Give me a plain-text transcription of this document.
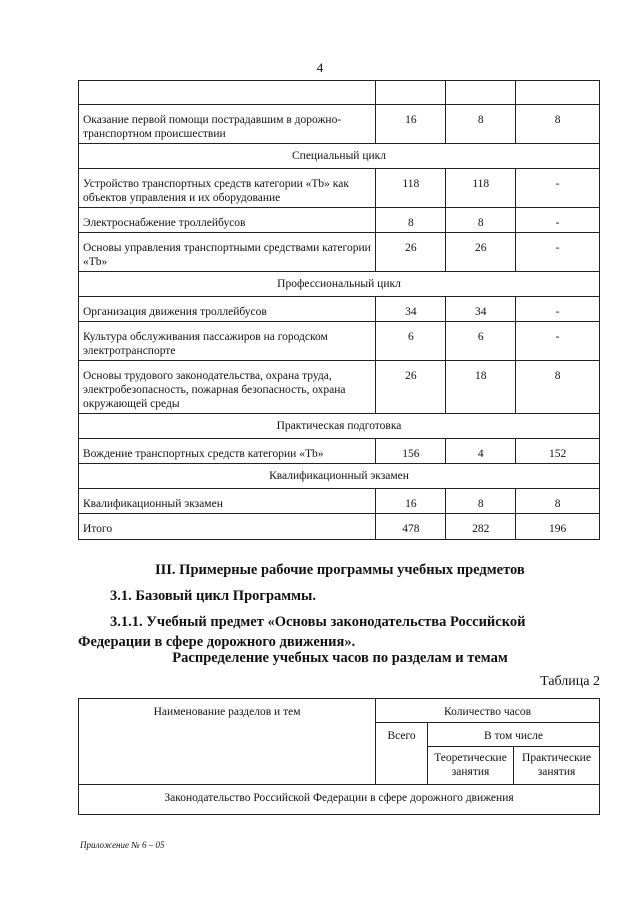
4

Оказание первой помощи пострадавшим в дорожно-транспортном происшествии	16	8	8
Специальный цикл			
Устройство транспортных средств категории «Tb» как объектов управления и их оборудование	118	118	-
Электроснабжение троллейбусов	8	8	-
Основы управления транспортными средствами категории «Tb»	26	26	-
Профессиональный цикл			
Организация движения троллейбусов	34	34	-
Культура обслуживания пассажиров на городском электротранспорте	6	6	-
Основы трудового законодательства, охрана труда, электробезопасность, пожарная безопасность, охрана окружающей среды	26	18	8
Практическая подготовка			
Вождение транспортных средств категории «Tb»	156	4	152
Квалификационный экзамен			
Квалификационный экзамен	16	8	8
Итого	478	282	196
III. Примерные рабочие программы учебных предметов
3.1. Базовый цикл Программы.
3.1.1. Учебный предмет «Основы законодательства Российской Федерации в сфере дорожного движения».
Распределение учебных часов по разделам и темам
Таблица 2
Наименование разделов и тем	Количество часов		
	Всего	В том числе	
		Теоретические занятия	Практические занятия
Законодательство Российской Федерации в сфере дорожного движения			
Приложение № 6 – 05
